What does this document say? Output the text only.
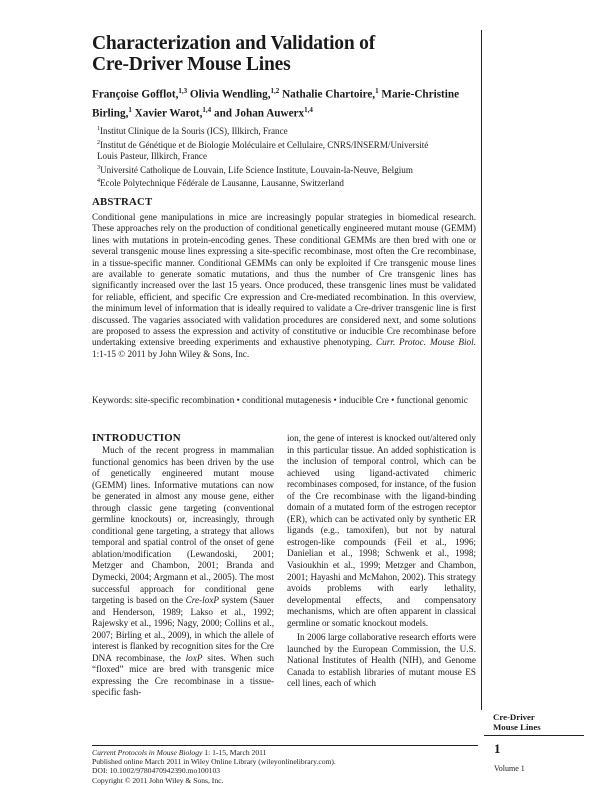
Characterization and Validation of
Cre-Driver Mouse Lines
Françoise Gofflot,$^{1,3}$ Olivia Wendling,$^{1,2}$ Nathalie Chartoire,$^1$ Marie-Christine Birling,$^1$ Xavier Warot,$^{1,4}$ and Johan Auwerx$^{1,4}$
$^1$Institut Clinique de la Souris (ICS), Illkirch, France
$^2$Institut de Génétique et de Biologie Moléculaire et Cellulaire, CNRS/INSERM/Université
Louis Pasteur, Illkirch, France
$^3$Université Catholique de Louvain, Life Science Institute, Louvain-la-Neuve, Belgium
$^4$Ecole Polytechnique Fédérale de Lausanne, Lausanne, Switzerland
ABSTRACT
Conditional gene manipulations in mice are increasingly popular strategies in biomedical research. These approaches rely on the production of conditional genetically engineered mutant mouse (GEMM) lines with mutations in protein-encoding genes. These conditional GEMMs are then bred with one or several transgenic mouse lines expressing a site-specific recombinase, most often the Cre recombinase, in a tissue-specific manner. Conditional GEMMs can only be exploited if Cre transgenic mouse lines are available to generate somatic mutations, and thus the number of Cre transgenic lines has significantly increased over the last 15 years. Once produced, these transgenic lines must be validated for reliable, efficient, and specific Cre expression and Cre-mediated recombination. In this overview, the minimum level of information that is ideally required to validate a Cre-driver transgenic line is first discussed. The vagaries associated with validation procedures are considered next, and some solutions are proposed to assess the expression and activity of constitutive or inducible Cre recombinase before undertaking extensive breeding experiments and exhaustive phenotyping. Curr. Protoc. Mouse Biol. 1:1-15 © 2011 by John Wiley & Sons, Inc.
Keywords: site-specific recombination • conditional mutagenesis • inducible Cre • functional genomic
INTRODUCTION

Much of the recent progress in mammalian functional genomics has been driven by the use of genetically engineered mutant mouse (GEMM) lines. Informative mutations can now be generated in almost any mouse gene, either through classic gene targeting (conventional germline knockouts) or, increasingly, through conditional gene targeting, a strategy that allows temporal and spatial control of the onset of gene ablation/modification (Lewandoski, 2001; Metzger and Chambon, 2001; Branda and Dymecki, 2004; Argmann et al., 2005). The most successful approach for conditional gene targeting is based on the Cre-loxP system (Sauer and Henderson, 1989; Lakso et al., 1992; Rajewsky et al., 1996; Nagy, 2000; Collins et al., 2007; Birling et al., 2009), in which the allele of interest is flanked by recognition sites for the Cre DNA recombinase, the loxP sites. When such “floxed” mice are bred with transgenic mice expressing the Cre recombinase in a tissue-specific fash-

ion, the gene of interest is knocked out/altered only in this particular tissue. An added sophistication is the inclusion of temporal control, which can be achieved using ligand-activated chimeric recombinases composed, for instance, of the fusion of the Cre recombinase with the ligand-binding domain of a mutated form of the estrogen receptor (ER), which can be activated only by synthetic ER ligands (e.g., tamoxifen), but not by natural estrogen-like compounds (Feil et al., 1996; Danielian et al., 1998; Schwenk et al., 1998; Vasioukhin et al., 1999; Metzger and Chambon, 2001; Hayashi and McMahon, 2002). This strategy avoids problems with early lethality, developmental effects, and compensatory mechanisms, which are often apparent in classical germline or somatic knockout models.

In 2006 large collaborative research efforts were launched by the European Commission, the U.S. National Institutes of Health (NIH), and Genome Canada to establish libraries of mutant mouse ES cell lines, each of which

Cre-Driver
Mouse Lines
1
Volume 1
Current Protocols in Mouse Biology 1: 1-15, March 2011
Published online March 2011 in Wiley Online Library (wileyonlinelibrary.com).
DOI: 10.1002/9780470942390.mo100103
Copyright © 2011 John Wiley & Sons, Inc.
